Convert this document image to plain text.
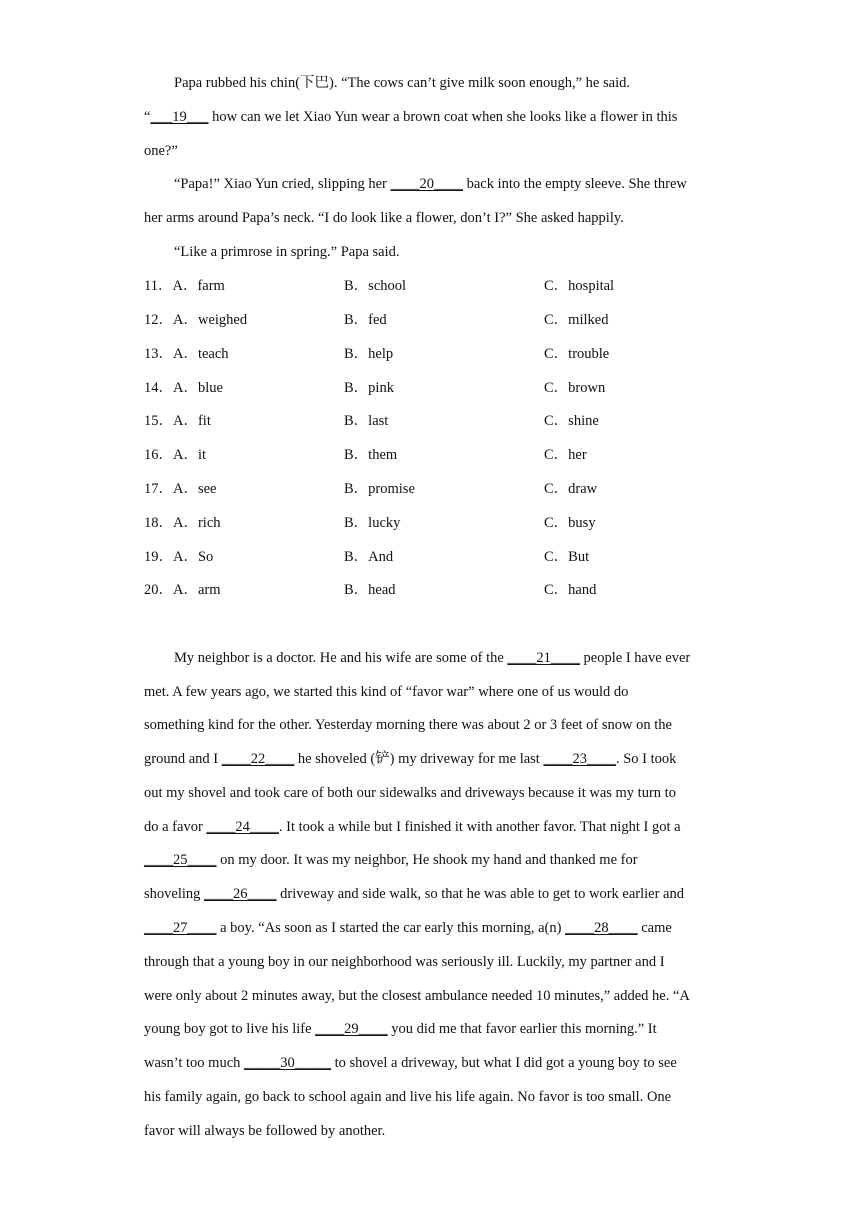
Papa rubbed his chin(下巴). “The cows can’t give milk soon enough,” he said.
“___19___ how can we let Xiao Yun wear a brown coat when she looks like a flower in this
one?”
“Papa!” Xiao Yun cried, slipping her ____20____ back into the empty sleeve. She threw
her arms around Papa’s neck. “I do look like a flower, don’t I?” She asked happily.
“Like a primrose in spring.” Papa said.
11．A．farm	B．school	C．hospital
12．A．weighed	B．fed	C．milked
13．A．teach	B．help	C．trouble
14．A．blue	B．pink	C．brown
15．A．fit	B．last	C．shine
16．A．it	B．them	C．her
17．A．see	B．promise	C．draw
18．A．rich	B．lucky	C．busy
19．A．So	B．And	C．But
20．A．arm	B．head	C．hand
My neighbor is a doctor. He and his wife are some of the ____21____ people I have ever
met. A few years ago, we started this kind of “favor war” where one of us would do
something kind for the other. Yesterday morning there was about 2 or 3 feet of snow on the
ground and I ____22____ he shoveled (铲) my driveway for me last ____23____. So I took
out my shovel and took care of both our sidewalks and driveways because it was my turn to
do a favor ____24____. It took a while but I finished it with another favor. That night I got a
____25____ on my door. It was my neighbor, He shook my hand and thanked me for
shoveling ____26____ driveway and side walk, so that he was able to get to work earlier and
____27____ a boy. “As soon as I started the car early this morning, a(n) ____28____ came
through that a young boy in our neighborhood was seriously ill. Luckily, my partner and I
were only about 2 minutes away, but the closest ambulance needed 10 minutes,” added he. “A
young boy got to live his life ____29____ you did me that favor earlier this morning.” It
wasn’t too much _____30_____ to shovel a driveway, but what I did got a young boy to see
his family again, go back to school again and live his life again. No favor is too small. One
favor will always be followed by another.
